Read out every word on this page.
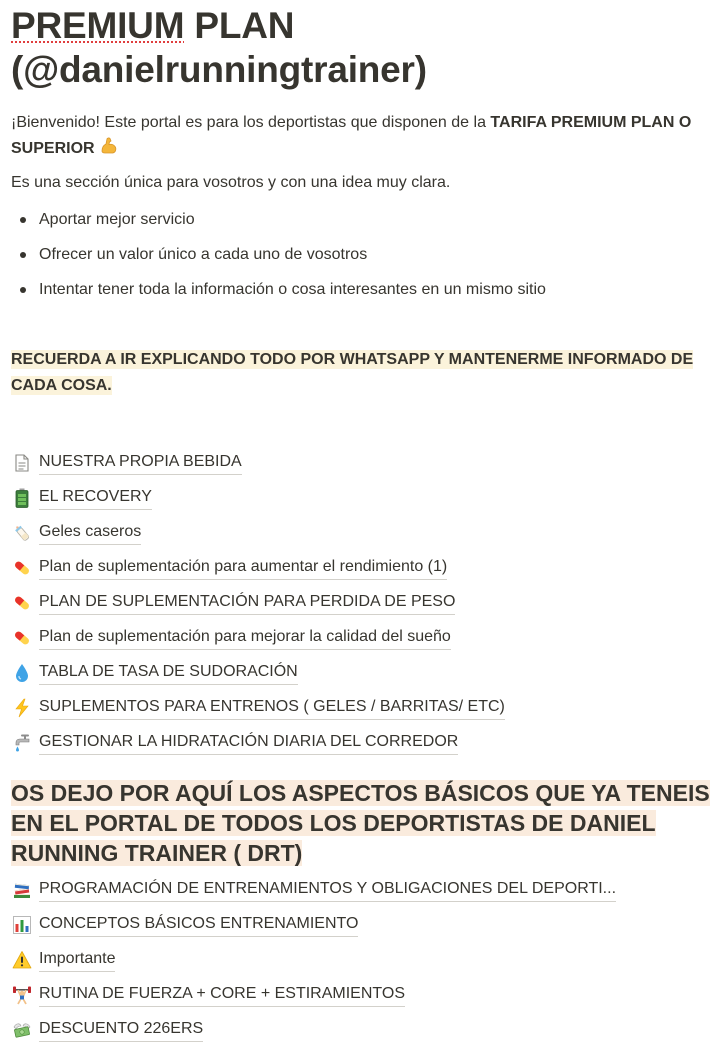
PREMIUM PLAN
(@danielrunningtrainer)
¡Bienvenido! Este portal es para los deportistas que disponen de la TARIFA PREMIUM PLAN O SUPERIOR
Es una sección única para vosotros y con una idea muy clara.
Aportar mejor servicio
Ofrecer un valor único a cada uno de vosotros
Intentar tener toda la información o cosa interesantes en un mismo sitio
RECUERDA A IR EXPLICANDO TODO POR WHATSAPP Y MANTENERME INFORMADO DE CADA COSA.
NUESTRA PROPIA BEBIDA
EL RECOVERY
Geles caseros
Plan de suplementación para aumentar el rendimiento (1)
PLAN DE SUPLEMENTACIÓN PARA PERDIDA DE PESO
Plan de suplementación para mejorar la calidad del sueño
TABLA DE TASA DE SUDORACIÓN
SUPLEMENTOS PARA ENTRENOS ( GELES / BARRITAS/ ETC)
GESTIONAR LA HIDRATACIÓN DIARIA DEL CORREDOR
OS DEJO POR AQUÍ LOS ASPECTOS BÁSICOS QUE YA TENEIS EN EL PORTAL DE TODOS LOS DEPORTISTAS DE DANIEL RUNNING TRAINER ( DRT)
PROGRAMACIÓN DE ENTRENAMIENTOS Y OBLIGACIONES DEL DEPORTI...
CONCEPTOS BÁSICOS ENTRENAMIENTO
Importante
RUTINA DE FUERZA + CORE + ESTIRAMIENTOS
DESCUENTO 226ERS
